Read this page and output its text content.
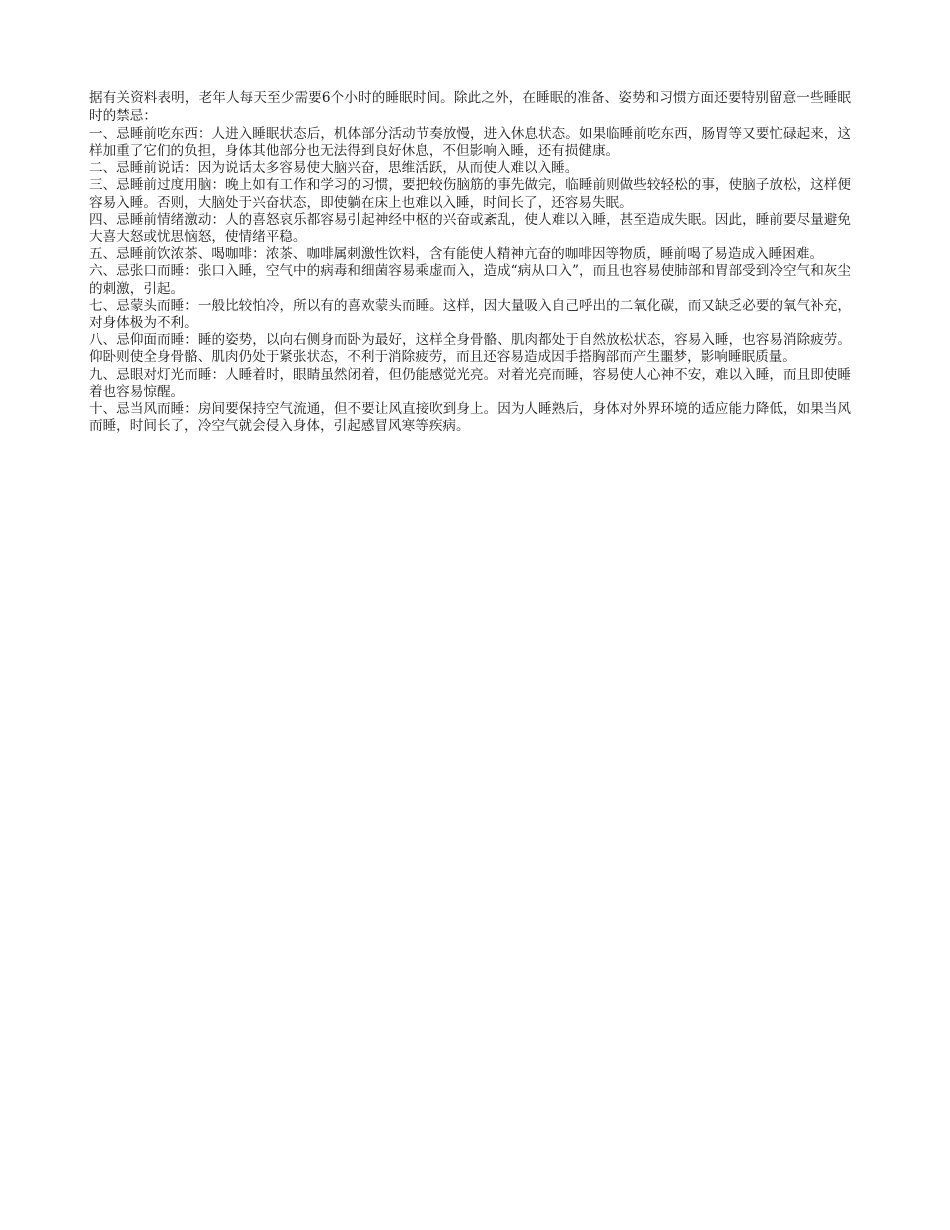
据有关资料表明，老年人每天至少需要6个小时的睡眠时间。除此之外，在睡眠的准备、姿势和习惯方面还要特别留意一些睡眠时的禁忌：

一、忌睡前吃东西：人进入睡眠状态后，机体部分活动节奏放慢，进入休息状态。如果临睡前吃东西，肠胃等又要忙碌起来，这样加重了它们的负担，身体其他部分也无法得到良好休息，不但影响入睡，还有损健康。

二、忌睡前说话：因为说话太多容易使大脑兴奋，思维活跃，从而使人难以入睡。

三、忌睡前过度用脑：晚上如有工作和学习的习惯，要把较伤脑筋的事先做完，临睡前则做些较轻松的事，使脑子放松，这样便容易入睡。否则，大脑处于兴奋状态，即使躺在床上也难以入睡，时间长了，还容易失眠。

四、忌睡前情绪激动：人的喜怒哀乐都容易引起神经中枢的兴奋或紊乱，使人难以入睡，甚至造成失眠。因此，睡前要尽量避免大喜大怒或忧思恼怒，使情绪平稳。

五、忌睡前饮浓茶、喝咖啡：浓茶、咖啡属刺激性饮料，含有能使人精神亢奋的咖啡因等物质，睡前喝了易造成入睡困难。

六、忌张口而睡：张口入睡，空气中的病毒和细菌容易乘虚而入，造成“病从口入”，而且也容易使肺部和胃部受到冷空气和灰尘的刺激，引起。

七、忌蒙头而睡：一般比较怕冷，所以有的喜欢蒙头而睡。这样，因大量吸入自己呼出的二氧化碳，而又缺乏必要的氧气补充，对身体极为不利。

八、忌仰面而睡：睡的姿势，以向右侧身而卧为最好，这样全身骨骼、肌肉都处于自然放松状态，容易入睡，也容易消除疲劳。仰卧则使全身骨骼、肌肉仍处于紧张状态，不利于消除疲劳，而且还容易造成因手搭胸部而产生噩梦，影响睡眠质量。

九、忌眼对灯光而睡：人睡着时，眼睛虽然闭着，但仍能感觉光亮。对着光亮而睡，容易使人心神不安，难以入睡，而且即使睡着也容易惊醒。

十、忌当风而睡：房间要保持空气流通，但不要让风直接吹到身上。因为人睡熟后，身体对外界环境的适应能力降低，如果当风而睡，时间长了，冷空气就会侵入身体，引起感冒风寒等疾病。
